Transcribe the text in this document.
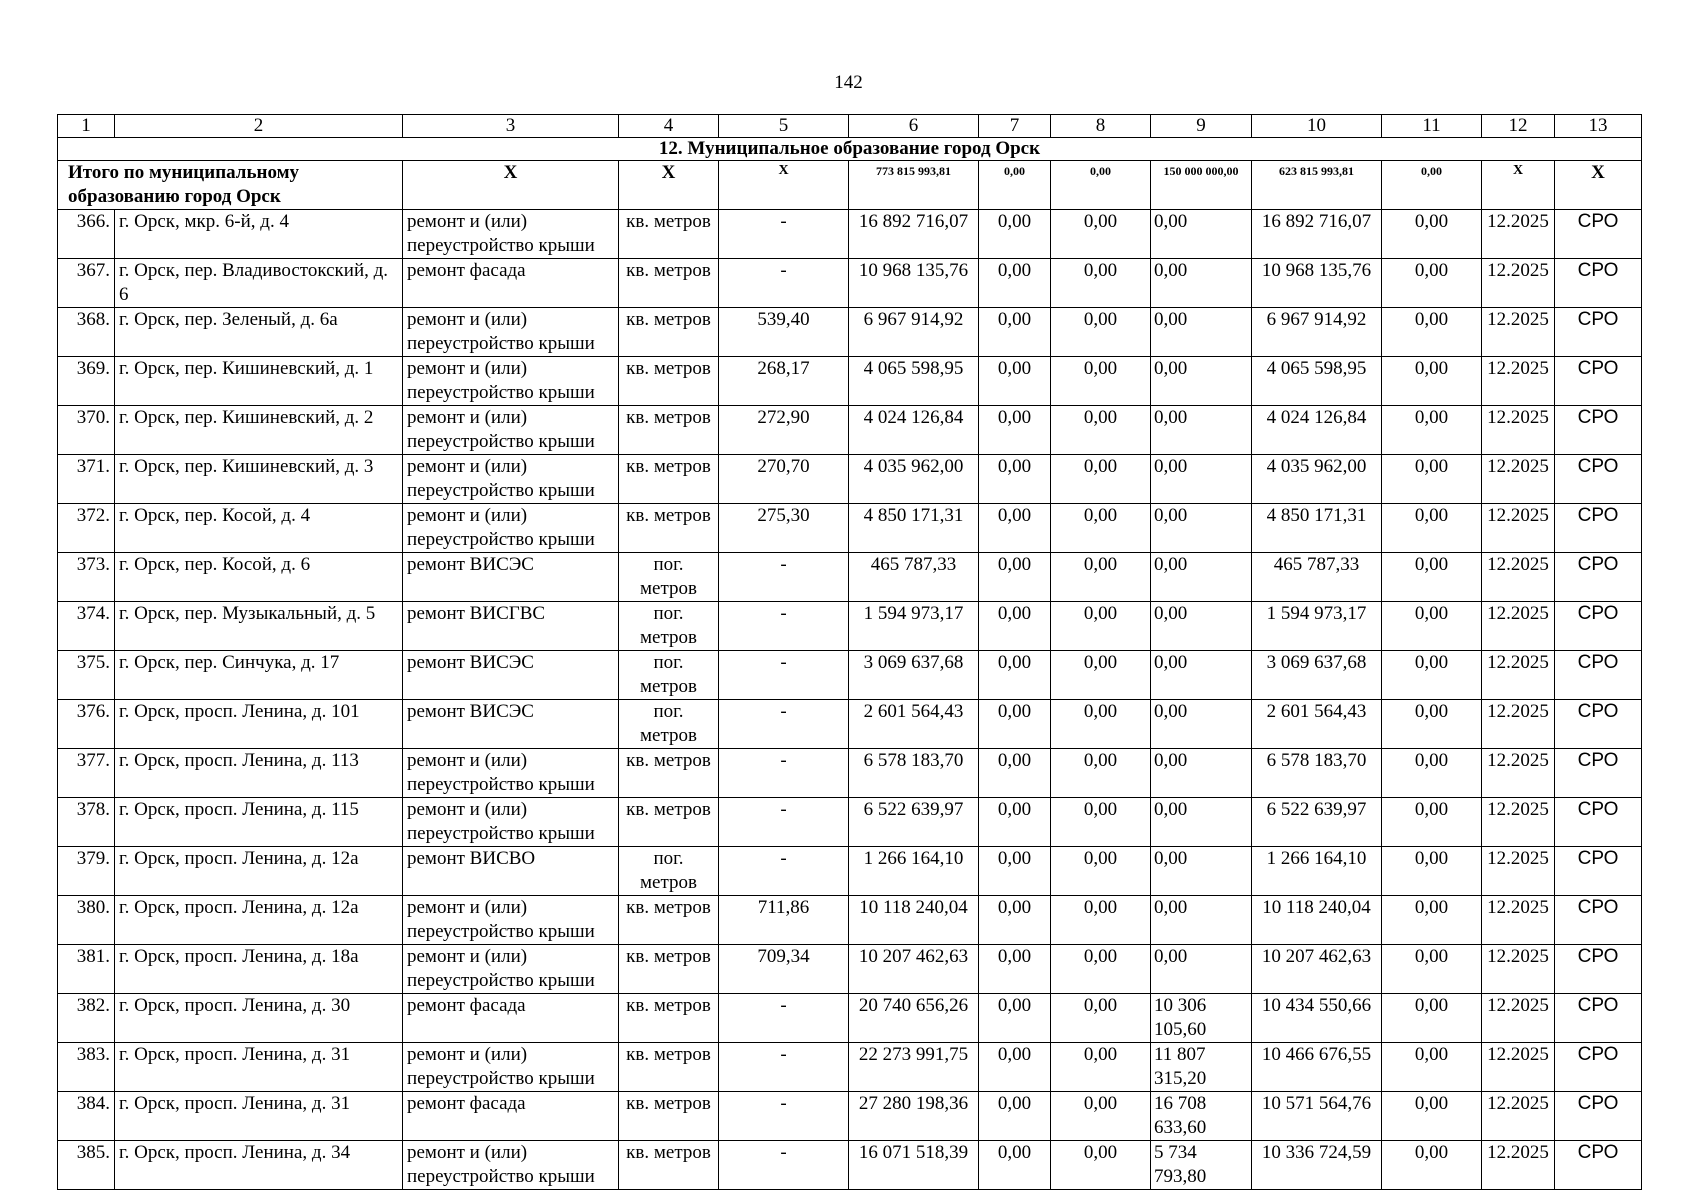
142
1	2	3	4	5	6	7	8	9	10	11	12	13
12. Муниципальное образование город Орск												
Итого по муниципальному образованию город Орск		X	X	X	773 815 993,81	0,00	0,00	150 000 000,00	623 815 993,81	0,00	X	X
366.	г. Орск, мкр. 6-й, д. 4	ремонт и (или) переустройство крыши	кв. метров	-	16 892 716,07	0,00	0,00	0,00	16 892 716,07	0,00	12.2025	СРО
367.	г. Орск, пер. Владивостокский, д. 6	ремонт фасада	кв. метров	-	10 968 135,76	0,00	0,00	0,00	10 968 135,76	0,00	12.2025	СРО
368.	г. Орск, пер. Зеленый, д. 6а	ремонт и (или) переустройство крыши	кв. метров	539,40	6 967 914,92	0,00	0,00	0,00	6 967 914,92	0,00	12.2025	СРО
369.	г. Орск, пер. Кишиневский, д. 1	ремонт и (или) переустройство крыши	кв. метров	268,17	4 065 598,95	0,00	0,00	0,00	4 065 598,95	0,00	12.2025	СРО
370.	г. Орск, пер. Кишиневский, д. 2	ремонт и (или) переустройство крыши	кв. метров	272,90	4 024 126,84	0,00	0,00	0,00	4 024 126,84	0,00	12.2025	СРО
371.	г. Орск, пер. Кишиневский, д. 3	ремонт и (или) переустройство крыши	кв. метров	270,70	4 035 962,00	0,00	0,00	0,00	4 035 962,00	0,00	12.2025	СРО
372.	г. Орск, пер. Косой, д. 4	ремонт и (или) переустройство крыши	кв. метров	275,30	4 850 171,31	0,00	0,00	0,00	4 850 171,31	0,00	12.2025	СРО
373.	г. Орск, пер. Косой, д. 6	ремонт ВИСЭС	пог. метров	-	465 787,33	0,00	0,00	0,00	465 787,33	0,00	12.2025	СРО
374.	г. Орск, пер. Музыкальный, д. 5	ремонт ВИСГВС	пог. метров	-	1 594 973,17	0,00	0,00	0,00	1 594 973,17	0,00	12.2025	СРО
375.	г. Орск, пер. Синчука, д. 17	ремонт ВИСЭС	пог. метров	-	3 069 637,68	0,00	0,00	0,00	3 069 637,68	0,00	12.2025	СРО
376.	г. Орск, просп. Ленина, д. 101	ремонт ВИСЭС	пог. метров	-	2 601 564,43	0,00	0,00	0,00	2 601 564,43	0,00	12.2025	СРО
377.	г. Орск, просп. Ленина, д. 113	ремонт и (или) переустройство крыши	кв. метров	-	6 578 183,70	0,00	0,00	0,00	6 578 183,70	0,00	12.2025	СРО
378.	г. Орск, просп. Ленина, д. 115	ремонт и (или) переустройство крыши	кв. метров	-	6 522 639,97	0,00	0,00	0,00	6 522 639,97	0,00	12.2025	СРО
379.	г. Орск, просп. Ленина, д. 12а	ремонт ВИСВО	пог. метров	-	1 266 164,10	0,00	0,00	0,00	1 266 164,10	0,00	12.2025	СРО
380.	г. Орск, просп. Ленина, д. 12а	ремонт и (или) переустройство крыши	кв. метров	711,86	10 118 240,04	0,00	0,00	0,00	10 118 240,04	0,00	12.2025	СРО
381.	г. Орск, просп. Ленина, д. 18а	ремонт и (или) переустройство крыши	кв. метров	709,34	10 207 462,63	0,00	0,00	0,00	10 207 462,63	0,00	12.2025	СРО
382.	г. Орск, просп. Ленина, д. 30	ремонт фасада	кв. метров	-	20 740 656,26	0,00	0,00	10 306 105,60	10 434 550,66	0,00	12.2025	СРО
383.	г. Орск, просп. Ленина, д. 31	ремонт и (или) переустройство крыши	кв. метров	-	22 273 991,75	0,00	0,00	11 807 315,20	10 466 676,55	0,00	12.2025	СРО
384.	г. Орск, просп. Ленина, д. 31	ремонт фасада	кв. метров	-	27 280 198,36	0,00	0,00	16 708 633,60	10 571 564,76	0,00	12.2025	СРО
385.	г. Орск, просп. Ленина, д. 34	ремонт и (или) переустройство крыши	кв. метров	-	16 071 518,39	0,00	0,00	5 734 793,80	10 336 724,59	0,00	12.2025	СРО
